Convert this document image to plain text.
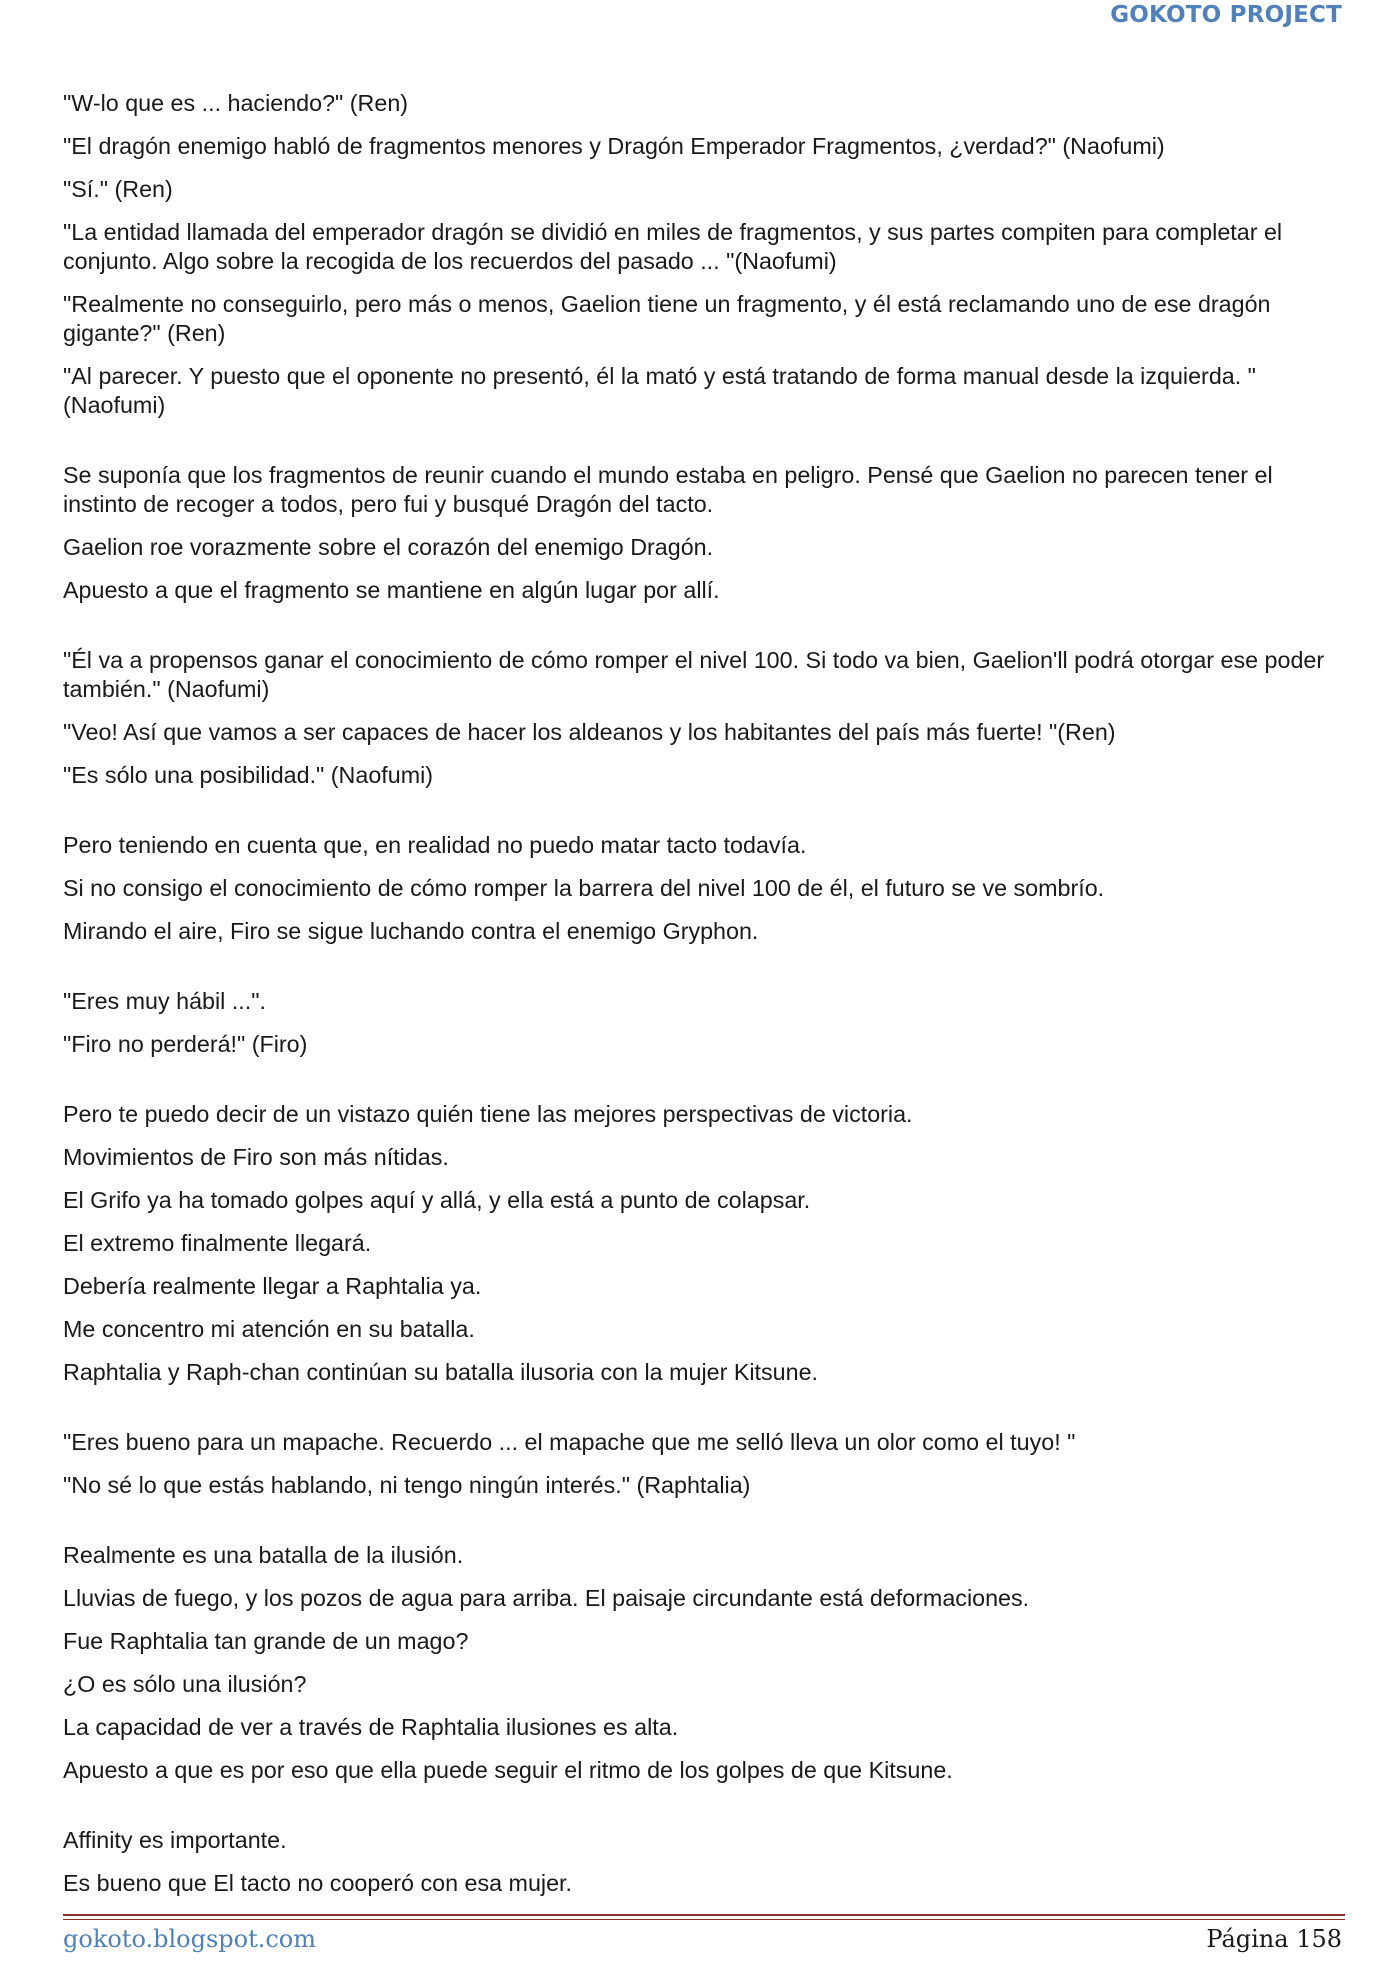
GOKOTO PROJECT

"W-lo que es ... haciendo?" (Ren)

"El dragón enemigo habló de fragmentos menores y Dragón Emperador Fragmentos, ¿verdad?" (Naofumi)

"Sí." (Ren)

"La entidad llamada del emperador dragón se dividió en miles de fragmentos, y sus partes compiten para completar el conjunto. Algo sobre la recogida de los recuerdos del pasado ... "(Naofumi)

"Realmente no conseguirlo, pero más o menos, Gaelion tiene un fragmento, y él está reclamando uno de ese dragón gigante?" (Ren)

"Al parecer. Y puesto que el oponente no presentó, él la mató y está tratando de forma manual desde la izquierda. "(Naofumi)

Se suponía que los fragmentos de reunir cuando el mundo estaba en peligro. Pensé que Gaelion no parecen tener el instinto de recoger a todos, pero fui y busqué Dragón del tacto.

Gaelion roe vorazmente sobre el corazón del enemigo Dragón.

Apuesto a que el fragmento se mantiene en algún lugar por allí.

"Él va a propensos ganar el conocimiento de cómo romper el nivel 100. Si todo va bien, Gaelion'll podrá otorgar ese poder también." (Naofumi)

"Veo! Así que vamos a ser capaces de hacer los aldeanos y los habitantes del país más fuerte! "(Ren)

"Es sólo una posibilidad." (Naofumi)

Pero teniendo en cuenta que, en realidad no puedo matar tacto todavía.

Si no consigo el conocimiento de cómo romper la barrera del nivel 100 de él, el futuro se ve sombrío.

Mirando el aire, Firo se sigue luchando contra el enemigo Gryphon.

"Eres muy hábil ...".

"Firo no perderá!" (Firo)

Pero te puedo decir de un vistazo quién tiene las mejores perspectivas de victoria.

Movimientos de Firo son más nítidas.

El Grifo ya ha tomado golpes aquí y allá, y ella está a punto de colapsar.

El extremo finalmente llegará.

Debería realmente llegar a Raphtalia ya.

Me concentro mi atención en su batalla.

Raphtalia y Raph-chan continúan su batalla ilusoria con la mujer Kitsune.

"Eres bueno para un mapache. Recuerdo ... el mapache que me selló lleva un olor como el tuyo! "

"No sé lo que estás hablando, ni tengo ningún interés." (Raphtalia)

Realmente es una batalla de la ilusión.

Lluvias de fuego, y los pozos de agua para arriba. El paisaje circundante está deformaciones.

Fue Raphtalia tan grande de un mago?

¿O es sólo una ilusión?

La capacidad de ver a través de Raphtalia ilusiones es alta.

Apuesto a que es por eso que ella puede seguir el ritmo de los golpes de que Kitsune.

Affinity es importante.

Es bueno que El tacto no cooperó con esa mujer.

gokoto.blogspot.com	Página 158
